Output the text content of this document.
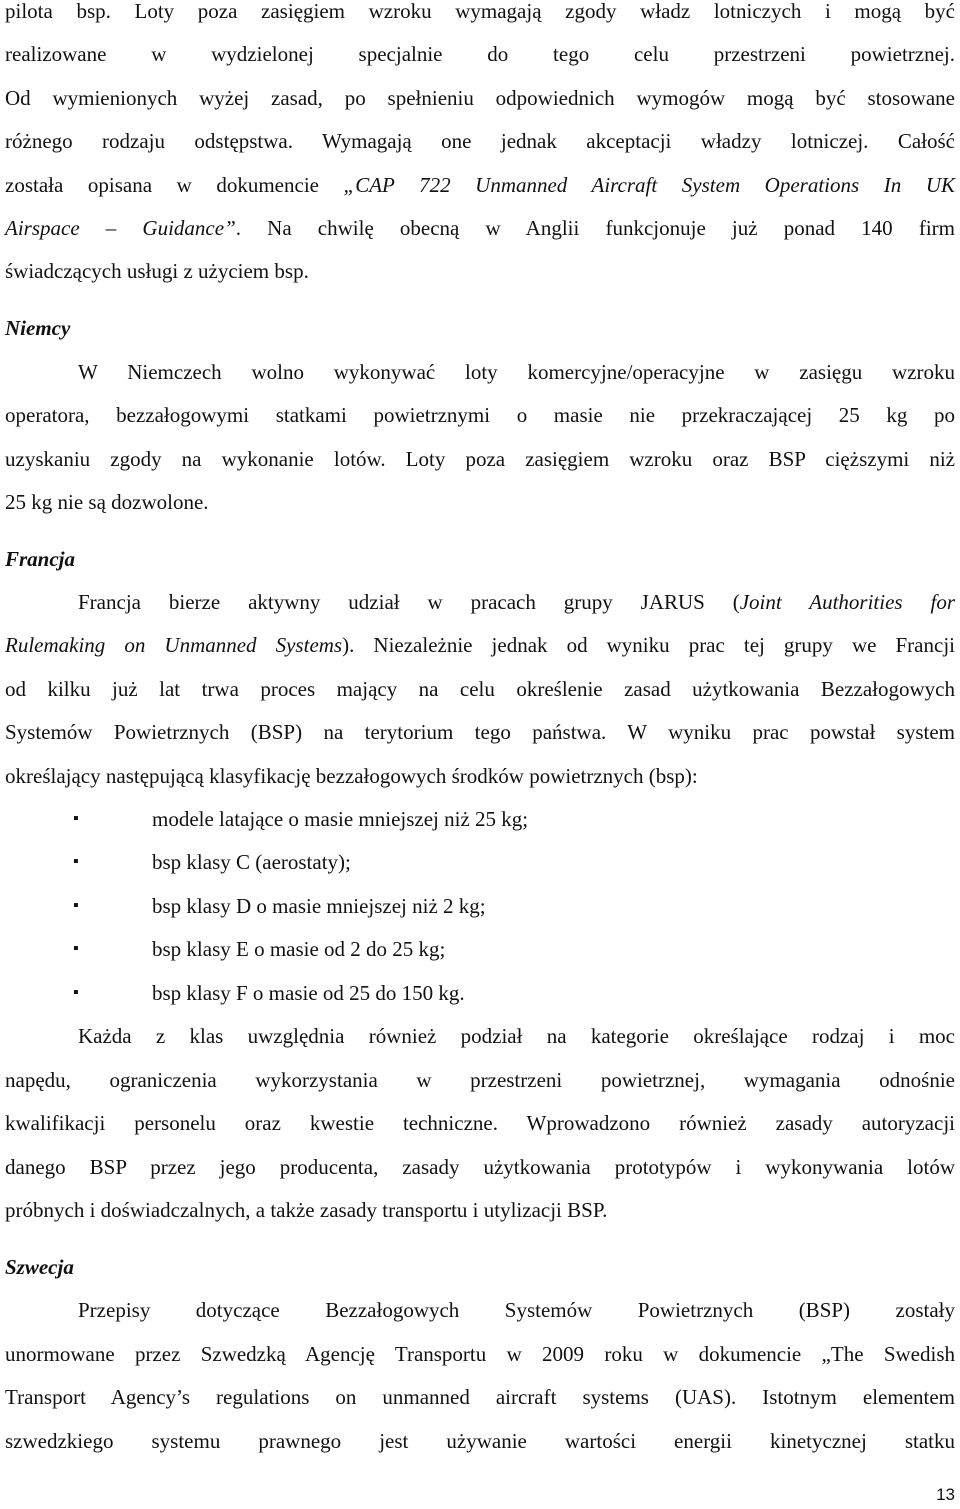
pilota bsp. Loty poza zasięgiem wzroku wymagają zgody władz lotniczych i mogą być
realizowane w wydzielonej specjalnie do tego celu przestrzeni powietrznej.
Od wymienionych wyżej zasad, po spełnieniu odpowiednich wymogów mogą być stosowane
różnego rodzaju odstępstwa. Wymagają one jednak akceptacji władzy lotniczej. Całość
została opisana w dokumencie „CAP 722 Unmanned Aircraft System Operations In UK
Airspace – Guidance”. Na chwilę obecną w Anglii funkcjonuje już ponad 140 firm
świadczących usługi z użyciem bsp.
Niemcy
W Niemczech wolno wykonywać loty komercyjne/operacyjne w zasięgu wzroku
operatora, bezzałogowymi statkami powietrznymi o masie nie przekraczającej 25 kg po
uzyskaniu zgody na wykonanie lotów. Loty poza zasięgiem wzroku oraz BSP cięższymi niż
25 kg nie są dozwolone.
Francja
Francja bierze aktywny udział w pracach grupy JARUS (Joint Authorities for
Rulemaking on Unmanned Systems). Niezależnie jednak od wyniku prac tej grupy we Francji
od kilku już lat trwa proces mający na celu określenie zasad użytkowania Bezzałogowych
Systemów Powietrznych (BSP) na terytorium tego państwa. W wyniku prac powstał system
określający następującą klasyfikację bezzałogowych środków powietrznych (bsp):
▪	modele latające o masie mniejszej niż 25 kg;
▪	bsp klasy C (aerostaty);
▪	bsp klasy D o masie mniejszej niż 2 kg;
▪	bsp klasy E o masie od 2 do 25 kg;
▪	bsp klasy F o masie od 25 do 150 kg.
Każda z klas uwzględnia również podział na kategorie określające rodzaj i moc
napędu, ograniczenia wykorzystania w przestrzeni powietrznej, wymagania odnośnie
kwalifikacji personelu oraz kwestie techniczne. Wprowadzono również zasady autoryzacji
danego BSP przez jego producenta, zasady użytkowania prototypów i wykonywania lotów
próbnych i doświadczalnych, a także zasady transportu i utylizacji BSP.
Szwecja
Przepisy dotyczące Bezzałogowych Systemów Powietrznych (BSP) zostały
unormowane przez Szwedzką Agencję Transportu w 2009 roku w dokumencie „The Swedish
Transport Agency’s regulations on unmanned aircraft systems (UAS). Istotnym elementem
szwedzkiego systemu prawnego jest używanie wartości energii kinetycznej statku
13
